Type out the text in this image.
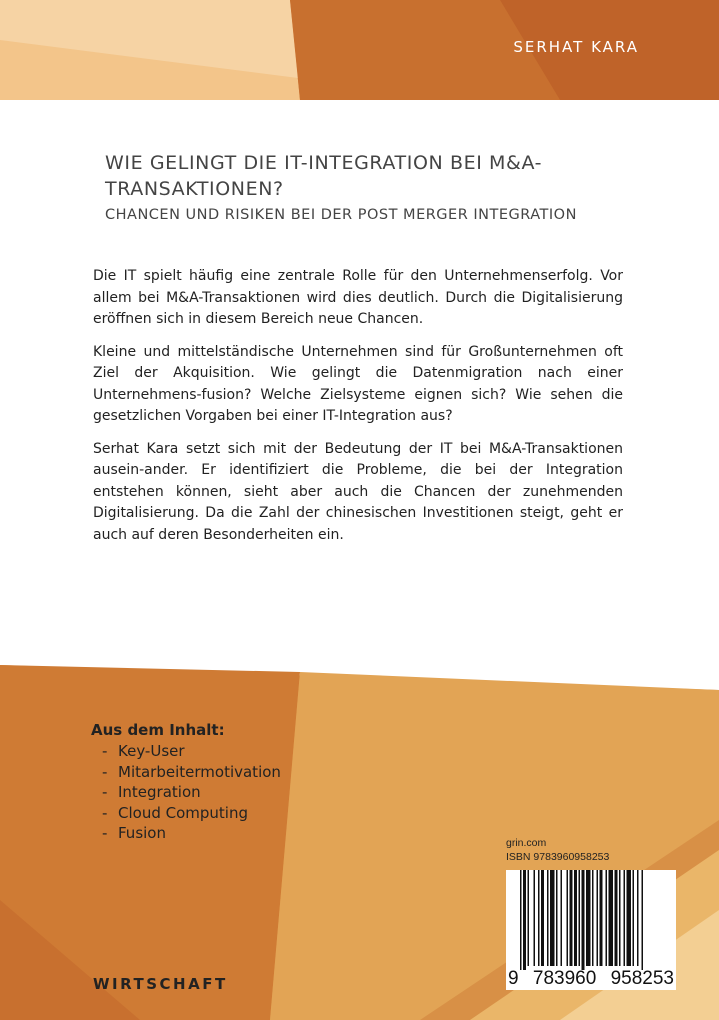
SERHAT KARA
WIE GELINGT DIE IT-INTEGRATION BEI M&A-TRANSAKTIONEN?
CHANCEN UND RISIKEN BEI DER POST MERGER INTEGRATION

Die IT spielt häufig eine zentrale Rolle für den Unternehmenserfolg. Vor allem bei M&A-Transaktionen wird dies deutlich. Durch die Digitalisierung eröffnen sich in diesem Bereich neue Chancen.

Kleine und mittelständische Unternehmen sind für Großunternehmen oft Ziel der Akquisition. Wie gelingt die Datenmigration nach einer Unternehmens-fusion? Welche Zielsysteme eignen sich? Wie sehen die gesetzlichen Vorgaben bei einer IT-Integration aus?

Serhat Kara setzt sich mit der Bedeutung der IT bei M&A-Transaktionen ausein-ander. Er identifiziert die Probleme, die bei der Integration entstehen können, sieht aber auch die Chancen der zunehmenden Digitalisierung. Da die Zahl der chinesischen Investitionen steigt, geht er auch auf deren Besonderheiten ein.

Aus dem Inhalt:
- Key-User
- Mitarbeitermotivation
- Integration
- Cloud Computing
- Fusion
WIRTSCHAFT
grin.com
ISBN 9783960958253
9 783960 958253
